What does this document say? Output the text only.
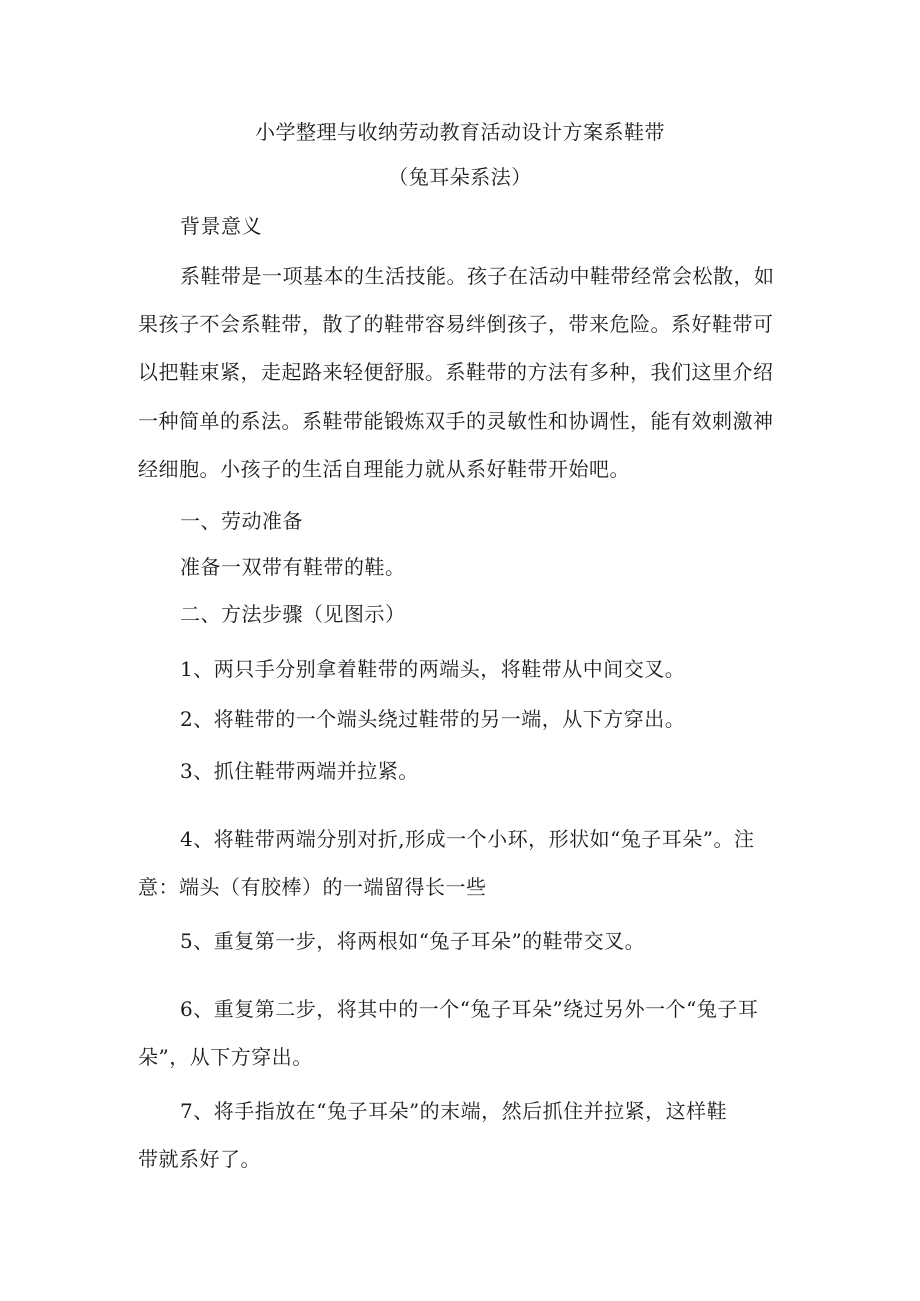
小学整理与收纳劳动教育活动设计方案系鞋带
（兔耳朵系法）
背景意义
系鞋带是一项基本的生活技能。孩子在活动中鞋带经常会松散，如
果孩子不会系鞋带，散了的鞋带容易绊倒孩子，带来危险。系好鞋带可
以把鞋束紧，走起路来轻便舒服。系鞋带的方法有多种，我们这里介绍
一种简单的系法。系鞋带能锻炼双手的灵敏性和协调性，能有效刺激神
经细胞。小孩子的生活自理能力就从系好鞋带开始吧。
一、劳动准备
准备一双带有鞋带的鞋。
二、方法步骤（见图示）
1、两只手分别拿着鞋带的两端头，将鞋带从中间交叉。
2、将鞋带的一个端头绕过鞋带的另一端，从下方穿出。
3、抓住鞋带两端并拉紧。
4、将鞋带两端分别对折,形成一个小环，形状如“兔子耳朵”。注
意：端头（有胶棒）的一端留得长一些
5、重复第一步，将两根如“兔子耳朵”的鞋带交叉。
6、重复第二步，将其中的一个“兔子耳朵”绕过另外一个“兔子耳
朵”，从下方穿出。
7、将手指放在“兔子耳朵”的末端，然后抓住并拉紧，这样鞋
带就系好了。
